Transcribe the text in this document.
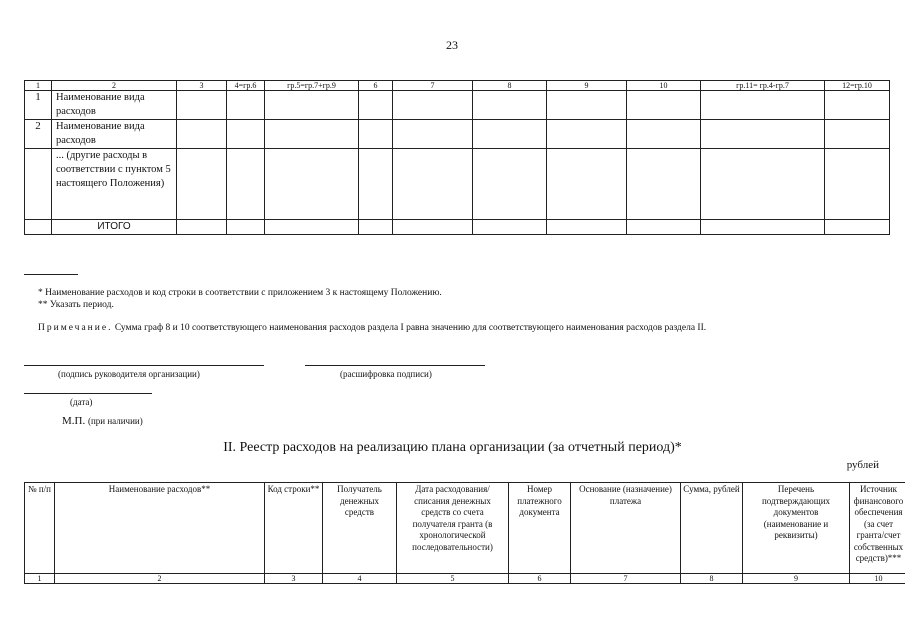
23
1	2	3	4=гр.6	гр.5=гр.7+гр.9	6	7	8	9	10	гр.11= гр.4-гр.7	12=гр.10
1	Наименование вида расходов										
2	Наименование вида расходов										
	... (другие расходы в соответствии с пунктом 5 настоящего Положения)										
	ИТОГО										
* Наименование расходов и код строки в соответствии с приложением 3 к настоящему Положению.
** Указать период.
Примечание. Сумма граф 8 и 10 соответствующего наименования расходов раздела I равна значению для соответствующего наименования расходов раздела II.
(подпись руководителя организации)	(расшифровка подписи)
(дата)
М.П. (при наличии)
II. Реестр расходов на реализацию плана организации (за отчетный период)*
рублей
№ п/п	Наименование расходов**	Код строки**	Получатель денежных средств	Дата расходования/ списания денежных средств со счета получателя гранта (в хронологической последовательности)	Номер платежного документа	Основание (назначение) платежа	Сумма, рублей	Перечень подтверждающих документов (наименование и реквизиты)	Источник финансового обеспечения (за счет гранта/счет собственных средств)***
1	2	3	4	5	6	7	8	9	10
